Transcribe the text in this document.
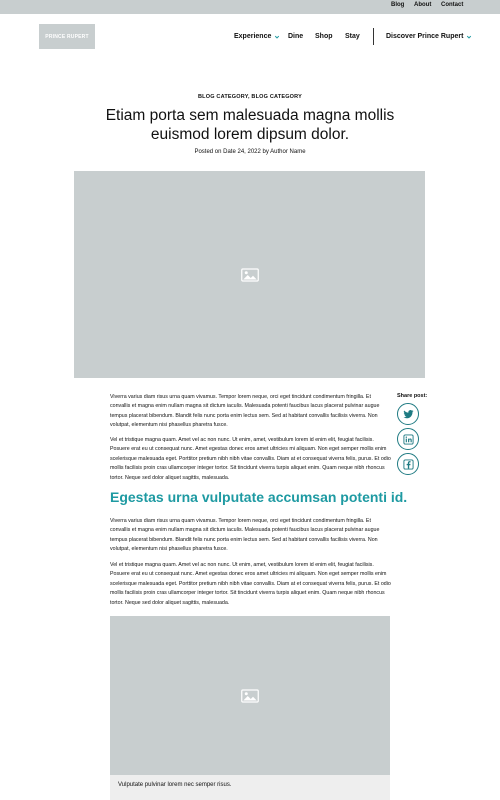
Blog About Contact
PRINCE RUPERT	Experience Dine Shop Stay	Discover Prince Rupert
BLOG CATEGORY, BLOG CATEGORY
Etiam porta sem malesuada magna mollis euismod lorem dipsum dolor.
Posted on Date 24, 2022 by Author Name

Viverra varius diam risus urna quam vivamus. Tempor lorem neque, orci eget tincidunt condimentum fringilla. Et convallis et magna enim nullam magna sit dictum iaculis. Malesuada potenti faucibus lacus placerat pulvinar augue tempus placerat bibendum. Blandit felis nunc porta enim lectus sem. Sed at habitant convallis facilisis viverra. Non volutpat, elementum nisi phasellus pharetra fusce.

Vel et tristique magna quam. Amet vel ac non nunc. Ut enim, amet, vestibulum lorem id enim elit, feugiat facilisis. Posuere erat eu ut consequat nunc. Amet egestas donec eros amet ultricies mi aliquam. Non eget semper mollis enim scelerisque malesuada eget. Porttitor pretium nibh nibh vitae convallis. Diam at et consequat viverra felis, purus. Et odio mollis facilisis proin cras ullamcorper integer tortor. Sit tincidunt viverra turpis aliquet enim. Quam neque nibh rhoncus tortor. Neque sed dolor aliquet sagittis, malesuada.

Egestas urna vulputate accumsan potenti id.

Viverra varius diam risus urna quam vivamus. Tempor lorem neque, orci eget tincidunt condimentum fringilla. Et convallis et magna enim nullam magna sit dictum iaculis. Malesuada potenti faucibus lacus placerat pulvinar augue tempus placerat bibendum. Blandit felis nunc porta enim lectus sem. Sed at habitant convallis facilisis viverra. Non volutpat, elementum nisi phasellus pharetra fusce.

Vel et tristique magna quam. Amet vel ac non nunc. Ut enim, amet, vestibulum lorem id enim elit, feugiat facilisis. Posuere erat eu ut consequat nunc. Amet egestas donec eros amet ultricies mi aliquam. Non eget semper mollis enim scelerisque malesuada eget. Porttitor pretium nibh nibh vitae convallis. Diam at et consequat viverra felis, purus. Et odio mollis facilisis proin cras ullamcorper integer tortor. Sit tincidunt viverra turpis aliquet enim. Quam neque nibh rhoncus tortor. Neque sed dolor aliquet sagittis, malesuada.

Share post:
Vulputate pulvinar lorem nec semper risus.
